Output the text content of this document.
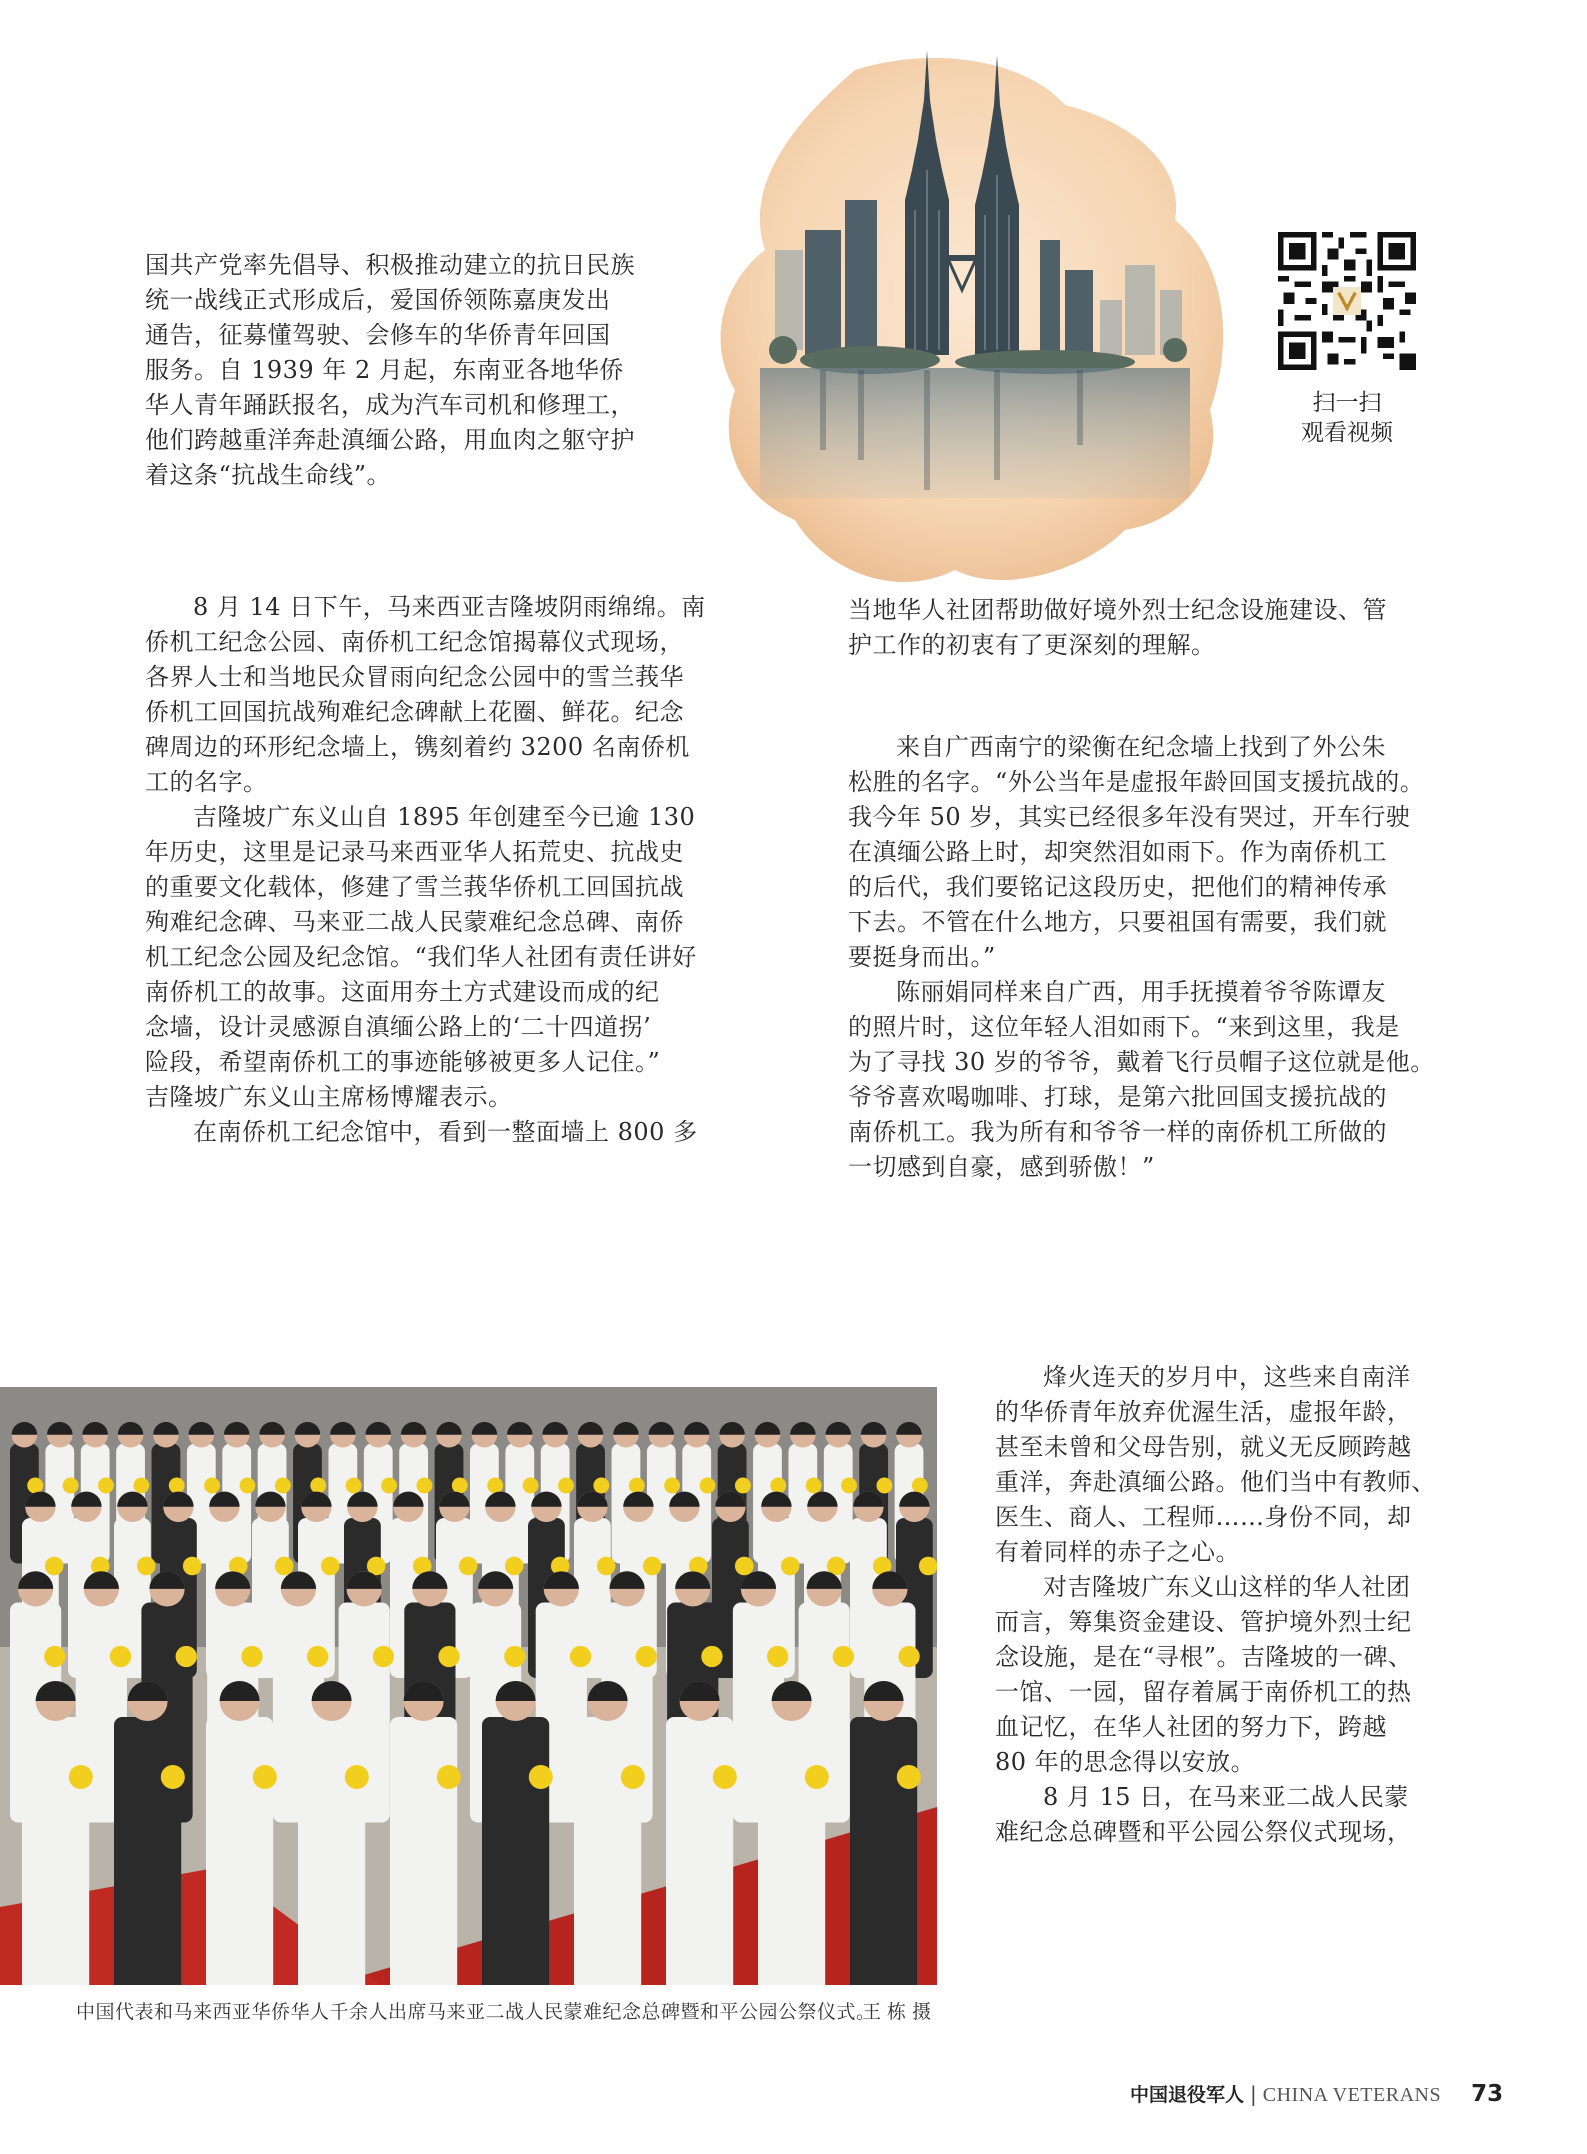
扫一扫
观看视频
国共产党率先倡导、积极推动建立的抗日民族
统一战线正式形成后，爱国侨领陈嘉庚发出
通告，征募懂驾驶、会修车的华侨青年回国
服务。自 1939 年 2 月起，东南亚各地华侨
华人青年踊跃报名，成为汽车司机和修理工，
他们跨越重洋奔赴滇缅公路，用血肉之躯守护
着这条“抗战生命线”。
8 月 14 日下午，马来西亚吉隆坡阴雨绵绵。南
侨机工纪念公园、南侨机工纪念馆揭幕仪式现场，
各界人士和当地民众冒雨向纪念公园中的雪兰莪华
侨机工回国抗战殉难纪念碑献上花圈、鲜花。纪念
碑周边的环形纪念墙上，镌刻着约 3200 名南侨机
工的名字。
吉隆坡广东义山自 1895 年创建至今已逾 130
年历史，这里是记录马来西亚华人拓荒史、抗战史
的重要文化载体，修建了雪兰莪华侨机工回国抗战
殉难纪念碑、马来亚二战人民蒙难纪念总碑、南侨
机工纪念公园及纪念馆。“我们华人社团有责任讲好
南侨机工的故事。这面用夯土方式建设而成的纪
念墙，设计灵感源自滇缅公路上的‘二十四道拐’
险段，希望南侨机工的事迹能够被更多人记住。”
吉隆坡广东义山主席杨博耀表示。
在南侨机工纪念馆中，看到一整面墙上 800 多
当地华人社团帮助做好境外烈士纪念设施建设、管
护工作的初衷有了更深刻的理解。
来自广西南宁的梁衡在纪念墙上找到了外公朱
松胜的名字。“外公当年是虚报年龄回国支援抗战的。
我今年 50 岁，其实已经很多年没有哭过，开车行驶
在滇缅公路上时，却突然泪如雨下。作为南侨机工
的后代，我们要铭记这段历史，把他们的精神传承
下去。不管在什么地方，只要祖国有需要，我们就
要挺身而出。”
陈丽娟同样来自广西，用手抚摸着爷爷陈谭友
的照片时，这位年轻人泪如雨下。“来到这里，我是
为了寻找 30 岁的爷爷，戴着飞行员帽子这位就是他。
爷爷喜欢喝咖啡、打球，是第六批回国支援抗战的
南侨机工。我为所有和爷爷一样的南侨机工所做的
一切感到自豪，感到骄傲！”
烽火连天的岁月中，这些来自南洋
的华侨青年放弃优渥生活，虚报年龄，
甚至未曾和父母告别，就义无反顾跨越
重洋，奔赴滇缅公路。他们当中有教师、
医生、商人、工程师……身份不同，却
有着同样的赤子之心。
对吉隆坡广东义山这样的华人社团
而言，筹集资金建设、管护境外烈士纪
念设施，是在“寻根”。吉隆坡的一碑、
一馆、一园，留存着属于南侨机工的热
血记忆，在华人社团的努力下，跨越
80 年的思念得以安放。
8 月 15 日，在马来亚二战人民蒙
难纪念总碑暨和平公园公祭仪式现场，
中国代表和马来西亚华侨华人千余人出席马来亚二战人民蒙难纪念总碑暨和平公园公祭仪式。
王 栋 摄
中国退役军人 | CHINA VETERANS 73
